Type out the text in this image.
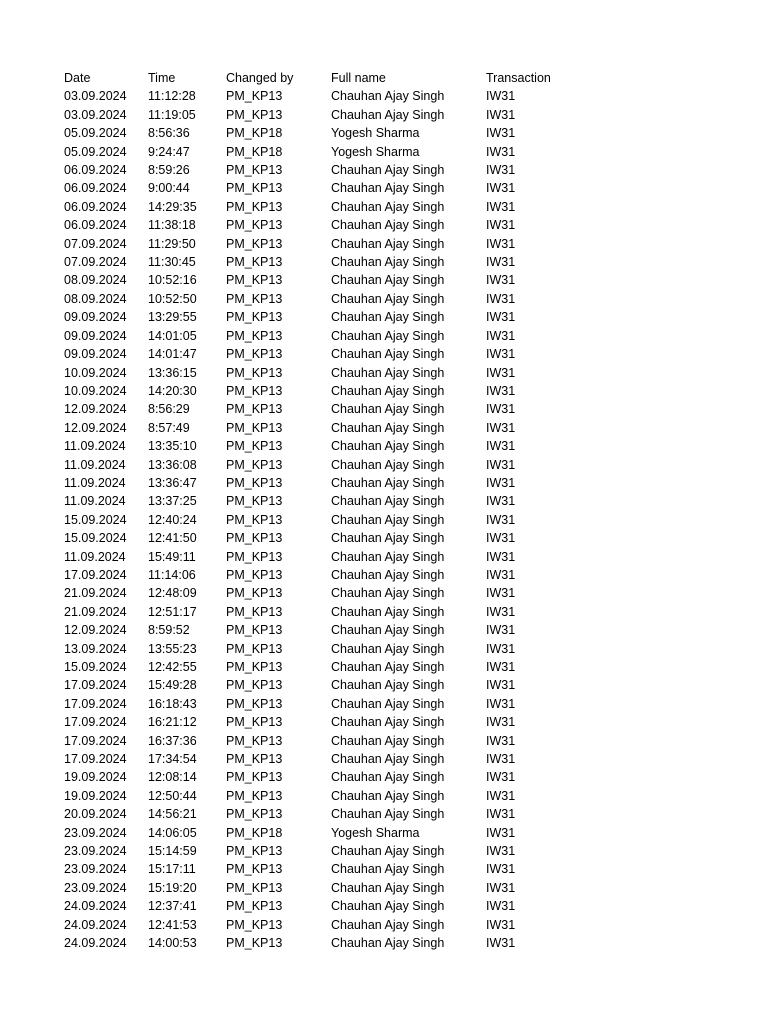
Date	Time	Changed by	Full name	Transaction
03.09.2024	11:12:28	PM_KP13	Chauhan Ajay Singh	IW31
03.09.2024	11:19:05	PM_KP13	Chauhan Ajay Singh	IW31
05.09.2024	8:56:36	PM_KP18	Yogesh Sharma	IW31
05.09.2024	9:24:47	PM_KP18	Yogesh Sharma	IW31
06.09.2024	8:59:26	PM_KP13	Chauhan Ajay Singh	IW31
06.09.2024	9:00:44	PM_KP13	Chauhan Ajay Singh	IW31
06.09.2024	14:29:35	PM_KP13	Chauhan Ajay Singh	IW31
06.09.2024	11:38:18	PM_KP13	Chauhan Ajay Singh	IW31
07.09.2024	11:29:50	PM_KP13	Chauhan Ajay Singh	IW31
07.09.2024	11:30:45	PM_KP13	Chauhan Ajay Singh	IW31
08.09.2024	10:52:16	PM_KP13	Chauhan Ajay Singh	IW31
08.09.2024	10:52:50	PM_KP13	Chauhan Ajay Singh	IW31
09.09.2024	13:29:55	PM_KP13	Chauhan Ajay Singh	IW31
09.09.2024	14:01:05	PM_KP13	Chauhan Ajay Singh	IW31
09.09.2024	14:01:47	PM_KP13	Chauhan Ajay Singh	IW31
10.09.2024	13:36:15	PM_KP13	Chauhan Ajay Singh	IW31
10.09.2024	14:20:30	PM_KP13	Chauhan Ajay Singh	IW31
12.09.2024	8:56:29	PM_KP13	Chauhan Ajay Singh	IW31
12.09.2024	8:57:49	PM_KP13	Chauhan Ajay Singh	IW31
11.09.2024	13:35:10	PM_KP13	Chauhan Ajay Singh	IW31
11.09.2024	13:36:08	PM_KP13	Chauhan Ajay Singh	IW31
11.09.2024	13:36:47	PM_KP13	Chauhan Ajay Singh	IW31
11.09.2024	13:37:25	PM_KP13	Chauhan Ajay Singh	IW31
15.09.2024	12:40:24	PM_KP13	Chauhan Ajay Singh	IW31
15.09.2024	12:41:50	PM_KP13	Chauhan Ajay Singh	IW31
11.09.2024	15:49:11	PM_KP13	Chauhan Ajay Singh	IW31
17.09.2024	11:14:06	PM_KP13	Chauhan Ajay Singh	IW31
21.09.2024	12:48:09	PM_KP13	Chauhan Ajay Singh	IW31
21.09.2024	12:51:17	PM_KP13	Chauhan Ajay Singh	IW31
12.09.2024	8:59:52	PM_KP13	Chauhan Ajay Singh	IW31
13.09.2024	13:55:23	PM_KP13	Chauhan Ajay Singh	IW31
15.09.2024	12:42:55	PM_KP13	Chauhan Ajay Singh	IW31
17.09.2024	15:49:28	PM_KP13	Chauhan Ajay Singh	IW31
17.09.2024	16:18:43	PM_KP13	Chauhan Ajay Singh	IW31
17.09.2024	16:21:12	PM_KP13	Chauhan Ajay Singh	IW31
17.09.2024	16:37:36	PM_KP13	Chauhan Ajay Singh	IW31
17.09.2024	17:34:54	PM_KP13	Chauhan Ajay Singh	IW31
19.09.2024	12:08:14	PM_KP13	Chauhan Ajay Singh	IW31
19.09.2024	12:50:44	PM_KP13	Chauhan Ajay Singh	IW31
20.09.2024	14:56:21	PM_KP13	Chauhan Ajay Singh	IW31
23.09.2024	14:06:05	PM_KP18	Yogesh Sharma	IW31
23.09.2024	15:14:59	PM_KP13	Chauhan Ajay Singh	IW31
23.09.2024	15:17:11	PM_KP13	Chauhan Ajay Singh	IW31
23.09.2024	15:19:20	PM_KP13	Chauhan Ajay Singh	IW31
24.09.2024	12:37:41	PM_KP13	Chauhan Ajay Singh	IW31
24.09.2024	12:41:53	PM_KP13	Chauhan Ajay Singh	IW31
24.09.2024	14:00:53	PM_KP13	Chauhan Ajay Singh	IW31
